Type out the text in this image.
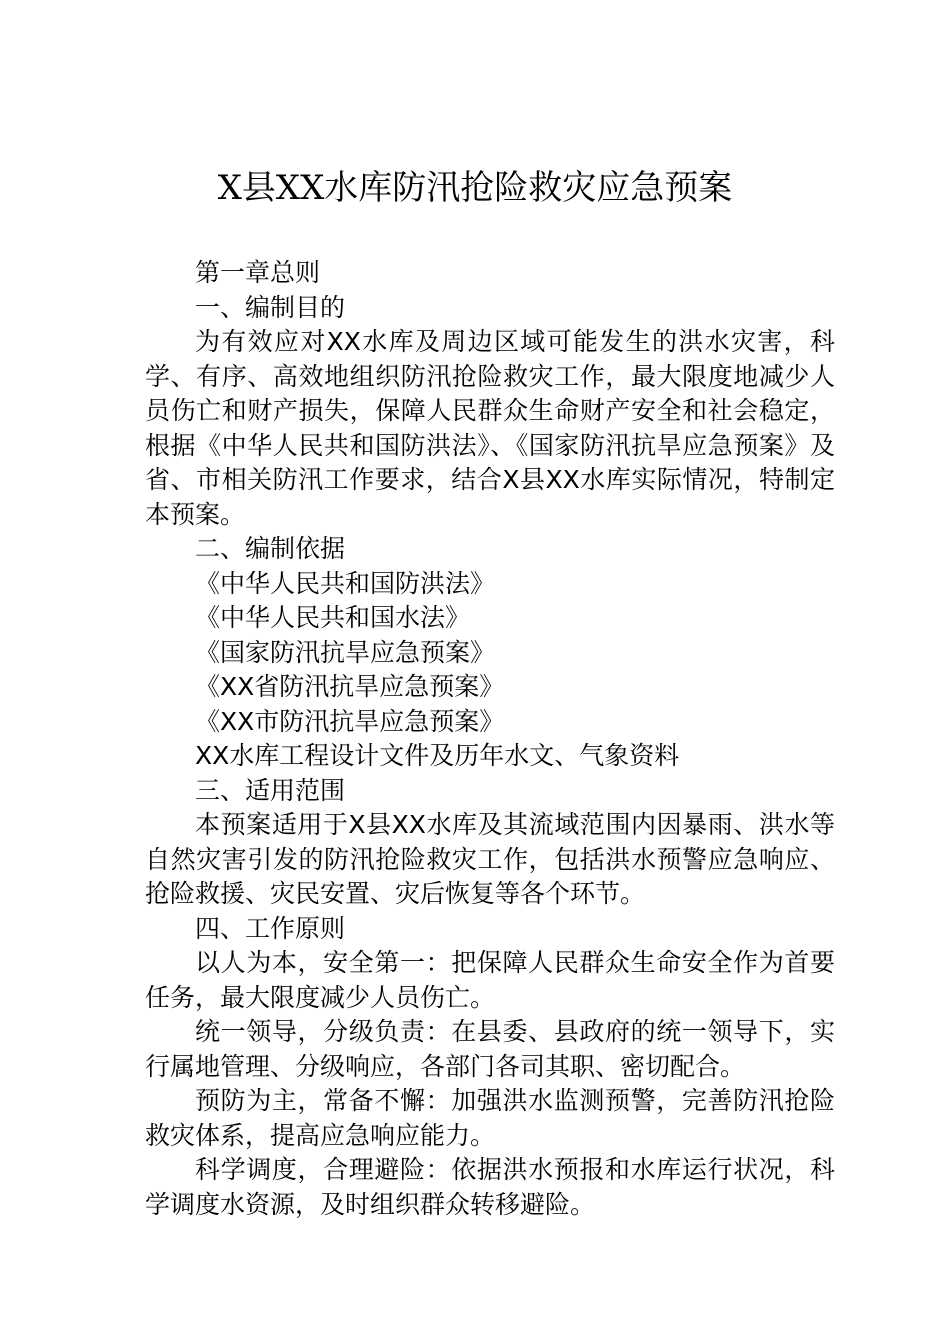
X县XX水库防汛抢险救灾应急预案

第一章总则

一、编制目的

为有效应对XX水库及周边区域可能发生的洪水灾害，科学、有序、高效地组织防汛抢险救灾工作，最大限度地减少人员伤亡和财产损失，保障人民群众生命财产安全和社会稳定，根据《中华人民共和国防洪法》、《国家防汛抗旱应急预案》及省、市相关防汛工作要求，结合X县XX水库实际情况，特制定本预案。

二、编制依据

《中华人民共和国防洪法》

《中华人民共和国水法》

《国家防汛抗旱应急预案》

《XX省防汛抗旱应急预案》

《XX市防汛抗旱应急预案》

XX水库工程设计文件及历年水文、气象资料

三、适用范围

本预案适用于X县XX水库及其流域范围内因暴雨、洪水等自然灾害引发的防汛抢险救灾工作，包括洪水预警应急响应、抢险救援、灾民安置、灾后恢复等各个环节。

四、工作原则

以人为本，安全第一：把保障人民群众生命安全作为首要任务，最大限度减少人员伤亡。

统一领导，分级负责：在县委、县政府的统一领导下，实行属地管理、分级响应，各部门各司其职、密切配合。

预防为主，常备不懈：加强洪水监测预警，完善防汛抢险救灾体系，提高应急响应能力。

科学调度，合理避险：依据洪水预报和水库运行状况，科学调度水资源，及时组织群众转移避险。
